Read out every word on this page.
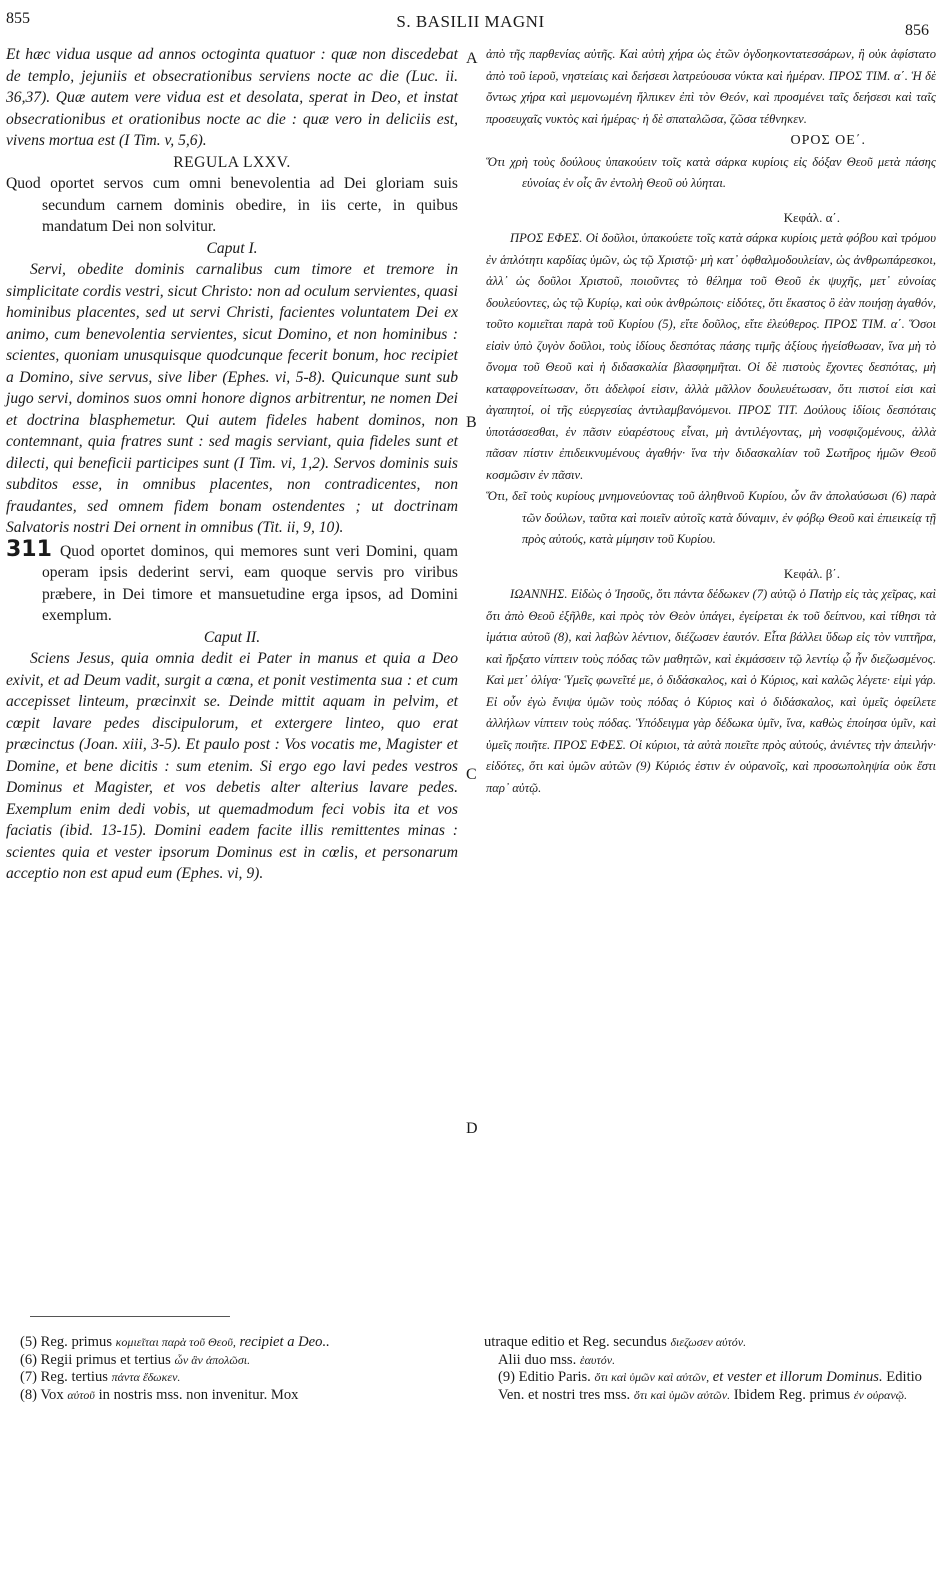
855	S. BASILII MAGNI	856

Et hæc vidua usque ad annos octoginta quatuor : quæ non discedebat de templo, jejuniis et obsecrationibus serviens nocte ac die (Luc. ii. 36,37). Quæ autem vere vidua est et desolata, sperat in Deo, et instat obsecrationibus et orationibus nocte ac die : quæ vero in deliciis est, vivens mortua est (I Tim. v, 5,6).

REGULA LXXV.

Quod oportet servos cum omni benevolentia ad Dei gloriam suis secundum carnem dominis obedire, in iis certe, in quibus mandatum Dei non solvitur.

Caput I.

Servi, obedite dominis carnalibus cum timore et tremore in simplicitate cordis vestri, sicut Christo: non ad oculum servientes, quasi hominibus placentes, sed ut servi Christi, facientes voluntatem Dei ex animo, cum benevolentia servientes, sicut Domino, et non hominibus : scientes, quoniam unusquisque quodcunque fecerit bonum, hoc recipiet a Domino, sive servus, sive liber (Ephes. vi, 5-8). Quicunque sunt sub jugo servi, dominos suos omni honore dignos arbitrentur, ne nomen Dei et doctrina blasphemetur. Qui autem fideles habent dominos, non contemnant, quia fratres sunt : sed magis serviant, quia fideles sunt et dilecti, qui beneficii participes sunt (I Tim. vi, 1,2). Servos dominis suis subditos esse, in omnibus placentes, non contradicentes, non fraudantes, sed omnem fidem bonam ostendentes ; ut doctrinam Salvatoris nostri Dei ornent in omnibus (Tit. ii, 9, 10).

311 Quod oportet dominos, qui memores sunt veri Domini, quam operam ipsis dederint servi, eam quoque servis pro viribus præbere, in Dei timore et mansuetudine erga ipsos, ad Domini exemplum.

Caput II.

Sciens Jesus, quia omnia dedit ei Pater in manus et quia a Deo exivit, et ad Deum vadit, surgit a cœna, et ponit vestimenta sua : et cum accepisset linteum, præcinxit se. Deinde mittit aquam in pelvim, et cœpit lavare pedes discipulorum, et extergere linteo, quo erat præcinctus (Joan. xiii, 3-5). Et paulo post : Vos vocatis me, Magister et Domine, et bene dicitis : sum etenim. Si ergo ego lavi pedes vestros Dominus et Magister, et vos debetis alter alterius lavare pedes. Exemplum enim dedi vobis, ut quemadmodum feci vobis ita et vos faciatis (ibid. 13-15). Domini eadem facite illis remittentes minas : scientes quia et vester ipsorum Dominus est in cœlis, et personarum acceptio non est apud eum (Ephes. vi, 9).

A
B
C
D

ἀπὸ τῆς παρθενίας αὐτῆς. Καὶ αὐτὴ χήρα ὡς ἐτῶν ὀγδοηκοντατεσσάρων, ἣ οὐκ ἀφίστατο ἀπὸ τοῦ ἱεροῦ, νηστείαις καὶ δεήσεσι λατρεύουσα νύκτα καὶ ἡμέραν. ΠΡΟΣ ΤΙΜ. α΄. Ἡ δὲ ὄντως χήρα καὶ μεμονωμένη ἤλπικεν ἐπὶ τὸν Θεόν, καὶ προσμένει ταῖς δεήσεσι καὶ ταῖς προσευχαῖς νυκτὸς καὶ ἡμέρας· ἡ δὲ σπαταλῶσα, ζῶσα τέθνηκεν.

ΟΡΟΣ ΟΕ΄.

Ὅτι χρὴ τοὺς δούλους ὑπακούειν τοῖς κατὰ σάρκα κυρίοις εἰς δόξαν Θεοῦ μετὰ πάσης εὐνοίας ἐν οἷς ἂν ἐντολὴ Θεοῦ οὐ λύηται.

Κεφάλ. α΄.

ΠΡΟΣ ΕΦΕΣ. Οἱ δοῦλοι, ὑπακούετε τοῖς κατὰ σάρκα κυρίοις μετὰ φόβου καὶ τρόμου ἐν ἁπλότητι καρδίας ὑμῶν, ὡς τῷ Χριστῷ· μὴ κατ᾽ ὀφθαλμοδουλείαν, ὡς ἀνθρωπάρεσκοι, ἀλλ᾽ ὡς δοῦλοι Χριστοῦ, ποιοῦντες τὸ θέλημα τοῦ Θεοῦ ἐκ ψυχῆς, μετ᾽ εὐνοίας δουλεύοντες, ὡς τῷ Κυρίῳ, καὶ οὐκ ἀνθρώποις· εἰδότες, ὅτι ἕκαστος ὃ ἐὰν ποιήσῃ ἀγαθόν, τοῦτο κομιεῖται παρὰ τοῦ Κυρίου (5), εἴτε δοῦλος, εἴτε ἐλεύθερος. ΠΡΟΣ ΤΙΜ. α΄. Ὅσοι εἰσὶν ὑπὸ ζυγὸν δοῦλοι, τοὺς ἰδίους δεσπότας πάσης τιμῆς ἀξίους ἡγείσθωσαν, ἵνα μὴ τὸ ὄνομα τοῦ Θεοῦ καὶ ἡ διδασκαλία βλασφημῆται. Οἱ δὲ πιστοὺς ἔχοντες δεσπότας, μὴ καταφρονείτωσαν, ὅτι ἀδελφοί εἰσιν, ἀλλὰ μᾶλλον δουλευέτωσαν, ὅτι πιστοί εἰσι καὶ ἀγαπητοί, οἱ τῆς εὐεργεσίας ἀντιλαμβανόμενοι. ΠΡΟΣ ΤΙΤ. Δούλους ἰδίοις δεσπόταις ὑποτάσσεσθαι, ἐν πᾶσιν εὐαρέστους εἶναι, μὴ ἀντιλέγοντας, μὴ νοσφιζομένους, ἀλλὰ πᾶσαν πίστιν ἐπιδεικνυμένους ἀγαθήν· ἵνα τὴν διδασκαλίαν τοῦ Σωτῆρος ἡμῶν Θεοῦ κοσμῶσιν ἐν πᾶσιν.

Ὅτι, δεῖ τοὺς κυρίους μνημονεύοντας τοῦ ἀληθινοῦ Κυρίου, ὧν ἂν ἀπολαύσωσι (6) παρὰ τῶν δούλων, ταῦτα καὶ ποιεῖν αὐτοῖς κατὰ δύναμιν, ἐν φόβῳ Θεοῦ καὶ ἐπιεικείᾳ τῇ πρὸς αὐτούς, κατὰ μίμησιν τοῦ Κυρίου.

Κεφάλ. β΄.

ΙΩΑΝΝΗΣ. Εἰδὼς ὁ Ἰησοῦς, ὅτι πάντα δέδωκεν (7) αὐτῷ ὁ Πατὴρ εἰς τὰς χεῖρας, καὶ ὅτι ἀπὸ Θεοῦ ἐξῆλθε, καὶ πρὸς τὸν Θεὸν ὑπάγει, ἐγείρεται ἐκ τοῦ δείπνου, καὶ τίθησι τὰ ἱμάτια αὐτοῦ (8), καὶ λαβὼν λέντιον, διέζωσεν ἑαυτόν. Εἶτα βάλλει ὕδωρ εἰς τὸν νιπτῆρα, καὶ ἤρξατο νίπτειν τοὺς πόδας τῶν μαθητῶν, καὶ ἐκμάσσειν τῷ λεντίῳ ᾧ ἦν διεζωσμένος. Καὶ μετ᾽ ὀλίγα· Ὑμεῖς φωνεῖτέ με, ὁ διδάσκαλος, καὶ ὁ Κύριος, καὶ καλῶς λέγετε· εἰμὶ γάρ. Εἰ οὖν ἐγὼ ἔνιψα ὑμῶν τοὺς πόδας ὁ Κύριος καὶ ὁ διδάσκαλος, καὶ ὑμεῖς ὀφείλετε ἀλλήλων νίπτειν τοὺς πόδας. Ὑπόδειγμα γὰρ δέδωκα ὑμῖν, ἵνα, καθὼς ἐποίησα ὑμῖν, καὶ ὑμεῖς ποιῆτε. ΠΡΟΣ ΕΦΕΣ. Οἱ κύριοι, τὰ αὐτὰ ποιεῖτε πρὸς αὐτούς, ἀνιέντες τὴν ἀπειλήν· εἰδότες, ὅτι καὶ ὑμῶν αὐτῶν (9) Κύριός ἐστιν ἐν οὐρανοῖς, καὶ προσωποληψία οὐκ ἔστι παρ᾽ αὐτῷ.

(5) Reg. primus κομιεῖται παρὰ τοῦ Θεοῦ, recipiet a Deo..

(6) Regii primus et tertius ὧν ἂν ἀπολῶσι.

(7) Reg. tertius πάντα ἔδωκεν.

(8) Vox αὐτοῦ in nostris mss. non invenitur. Mox

utraque editio et Reg. secundus διεζωσεν αὐτόν.

Alii duo mss. ἑαυτόν.

(9) Editio Paris. ὅτι καὶ ὑμῶν καὶ αὐτῶν, et vester et illorum Dominus. Editio Ven. et nostri tres mss. ὅτι καὶ ὑμῶν αὐτῶν. Ibidem Reg. primus ἐν οὐρανῷ.
